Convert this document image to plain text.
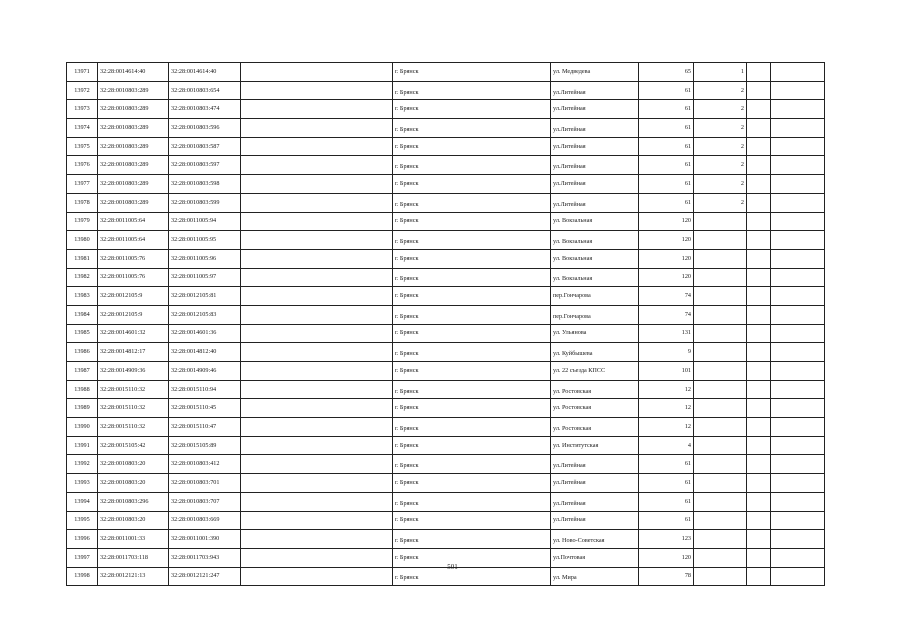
13971	32:28:0014614:40	32:28:0014614:40		г. Брянск	ул. Медведева	65	1		
13972	32:28:0010803:289	32:28:0010803:654		г. Брянск	ул.Литейная	61	2		
13973	32:28:0010803:289	32:28:0010803:474		г. Брянск	ул.Литейная	61	2		
13974	32:28:0010803:289	32:28:0010803:596		г. Брянск	ул.Литейная	61	2		
13975	32:28:0010803:289	32:28:0010803:587		г. Брянск	ул.Литейная	61	2		
13976	32:28:0010803:289	32:28:0010803:597		г. Брянск	ул.Литейная	61	2		
13977	32:28:0010803:289	32:28:0010803:598		г. Брянск	ул.Литейная	61	2		
13978	32:28:0010803:289	32:28:0010803:599		г. Брянск	ул.Литейная	61	2		
13979	32:28:0011005:64	32:28:0011005:94		г. Брянск	ул. Вокзальная	120			
13980	32:28:0011005:64	32:28:0011005:95		г. Брянск	ул. Вокзальная	120			
13981	32:28:0011005:76	32:28:0011005:96		г. Брянск	ул. Вокзальная	120			
13982	32:28:0011005:76	32:28:0011005:97		г. Брянск	ул. Вокзальная	120			
13983	32:28:0012105:9	32:28:0012105:81		г. Брянск	пер.Гончарова	74			
13984	32:28:0012105:9	32:28:0012105:83		г. Брянск	пер.Гончарова	74			
13985	32:28:0014601:32	32:28:0014601:36		г. Брянск	ул. Ульянова	131			
13986	32:28:0014812:17	32:28:0014812:40		г. Брянск	ул. Куйбышева	9			
13987	32:28:0014909:36	32:28:0014909:46		г. Брянск	ул. 22 съезда КПСС	101			
13988	32:28:0015110:32	32:28:0015110:94		г. Брянск	ул. Ростовская	12			
13989	32:28:0015110:32	32:28:0015110:45		г. Брянск	ул. Ростовская	12			
13990	32:28:0015110:32	32:28:0015110:47		г. Брянск	ул. Ростовская	12			
13991	32:28:0015105:42	32:28:0015105:89		г. Брянск	ул. Институтская	4			
13992	32:28:0010803:20	32:28:0010803:412		г. Брянск	ул.Литейная	61			
13993	32:28:0010803:20	32:28:0010803:701		г. Брянск	ул.Литейная	61			
13994	32:28:0010803:296	32:28:0010803:707		г. Брянск	ул.Литейная	61			
13995	32:28:0010803:20	32:28:0010803:669		г. Брянск	ул.Литейная	61			
13996	32:28:0011001:33	32:28:0011001:390		г. Брянск	ул. Ново-Советская	123			
13997	32:28:0011703:118	32:28:0011703:943		г. Брянск	ул.Почтовая	120			
13998	32:28:0012121:13	32:28:0012121:247		г. Брянск	ул. Мира	78			
501
